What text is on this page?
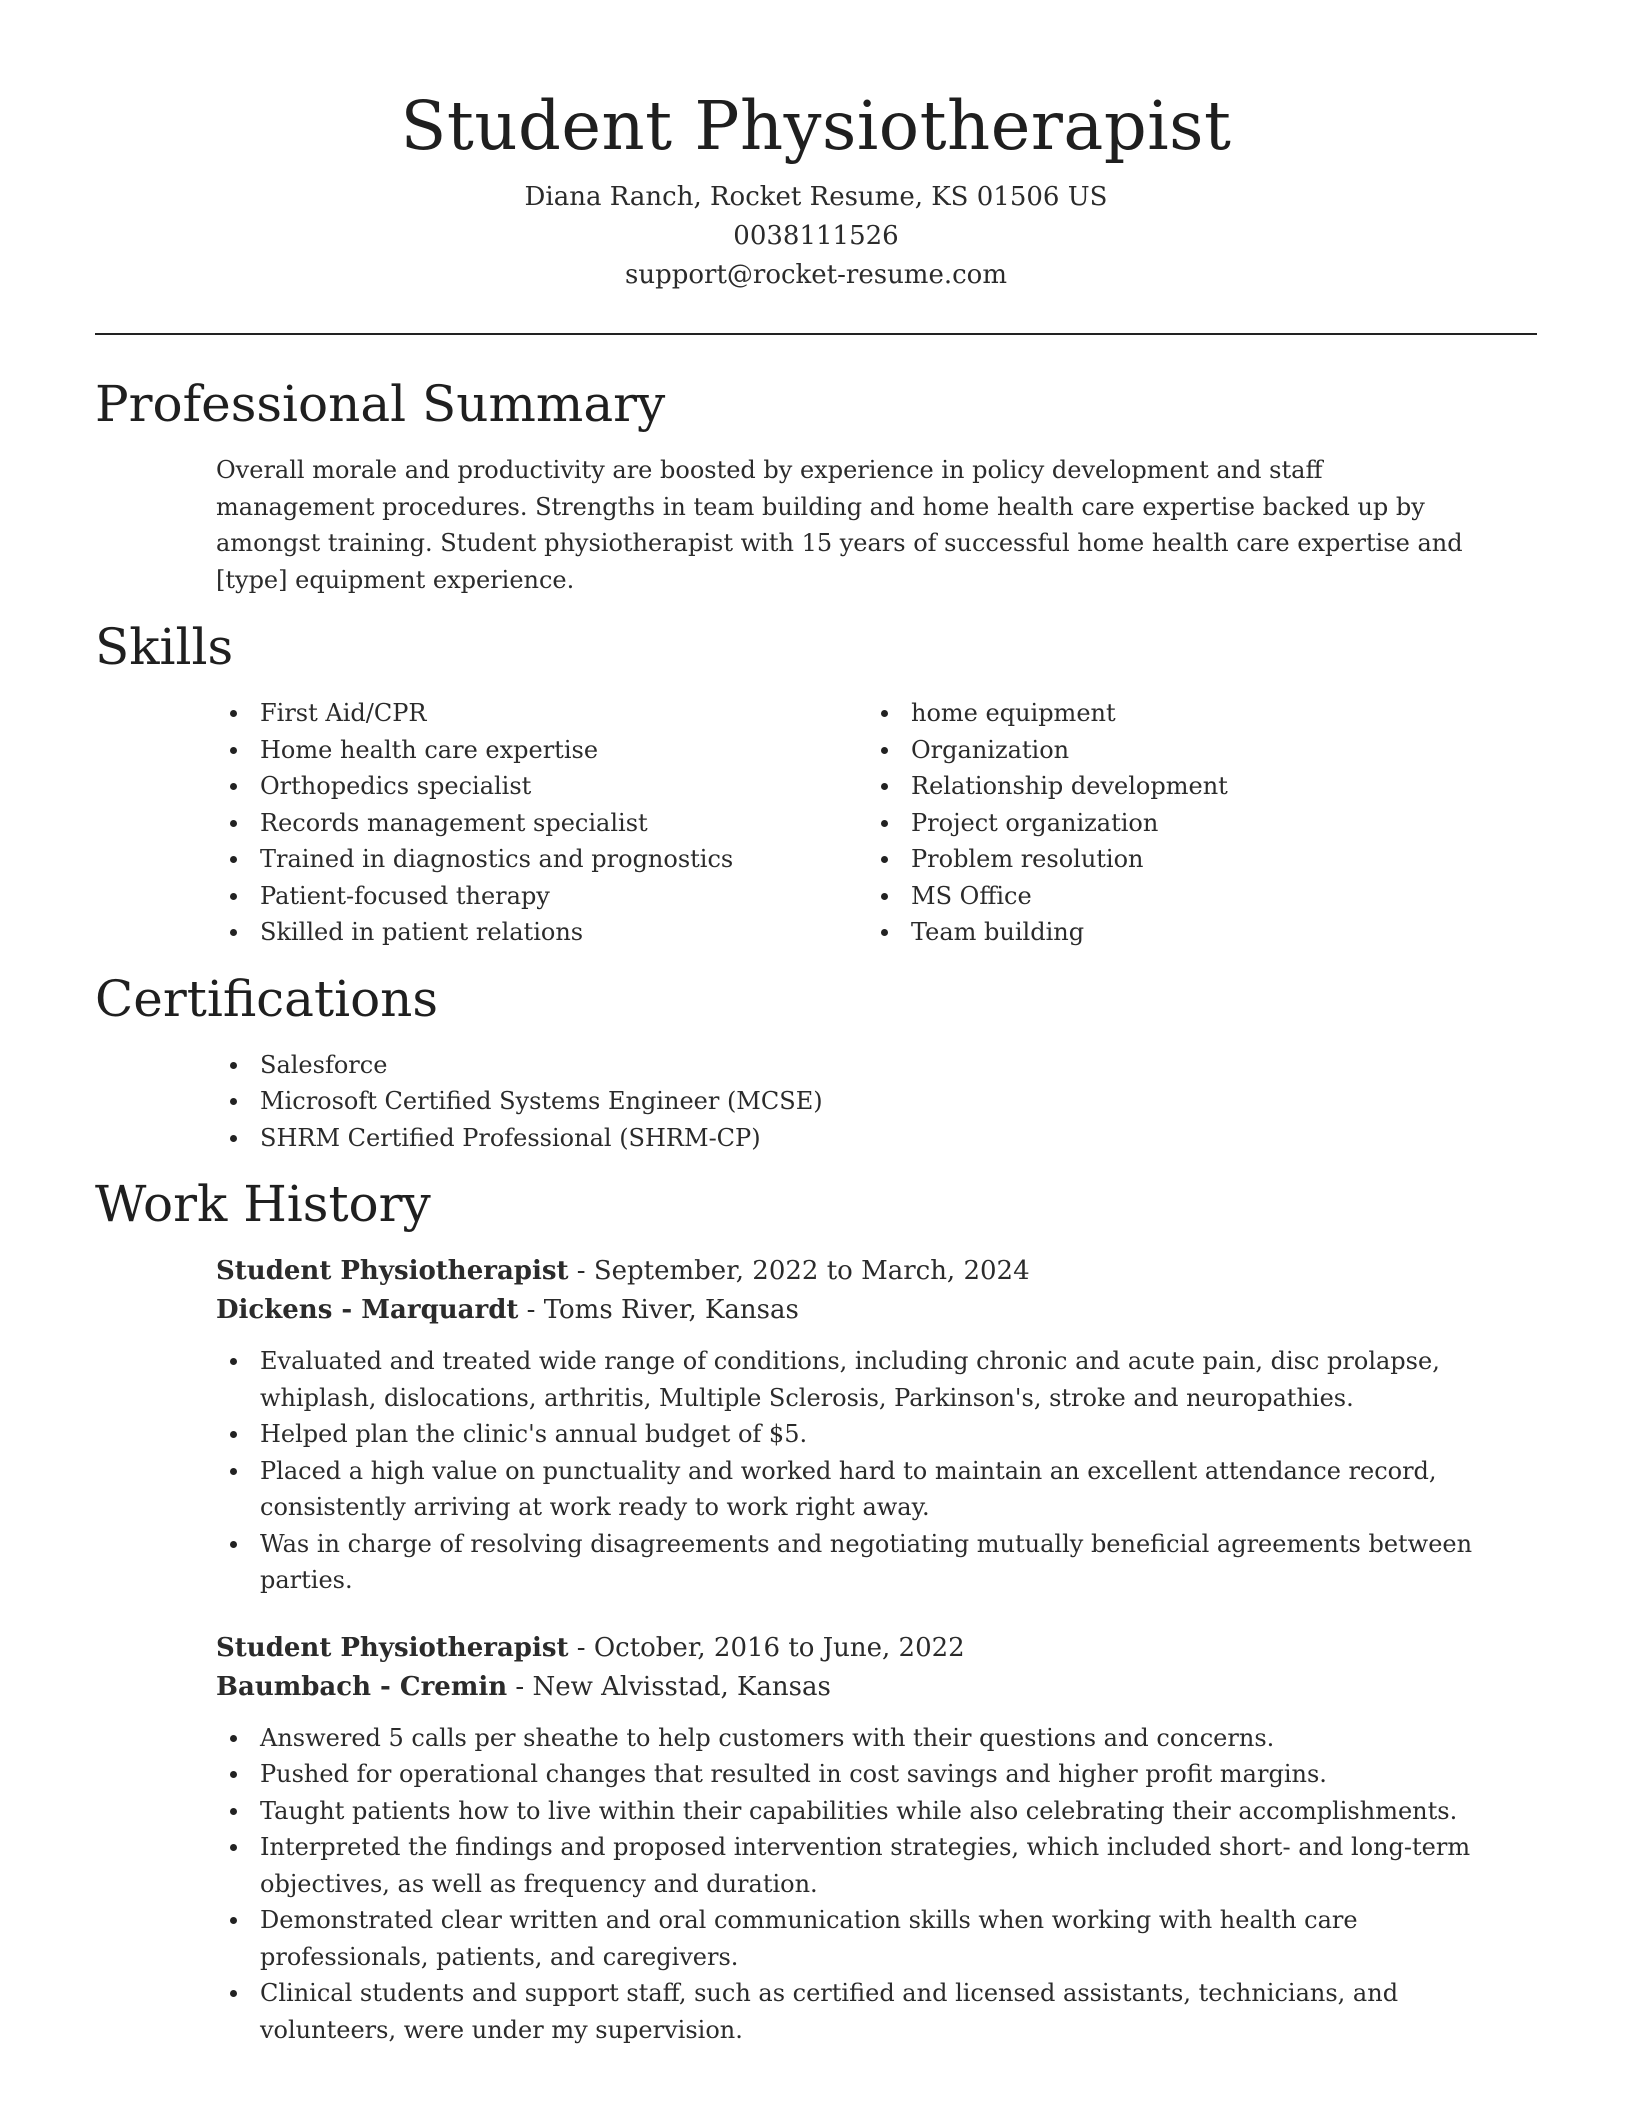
Student Physiotherapist
Diana Ranch, Rocket Resume, KS 01506 US
0038111526
support@rocket-resume.com
Professional Summary
Overall morale and productivity are boosted by experience in policy development and staff management procedures. Strengths in team building and home health care expertise backed up by amongst training. Student physiotherapist with 15 years of successful home health care expertise and [type] equipment experience.
Skills
First Aid/CPR
Home health care expertise
Orthopedics specialist
Records management specialist
Trained in diagnostics and prognostics
Patient-focused therapy
Skilled in patient relations
home equipment
Organization
Relationship development
Project organization
Problem resolution
MS Office
Team building
Certifications
Salesforce
Microsoft Certified Systems Engineer (MCSE)
SHRM Certified Professional (SHRM-CP)
Work History
Student Physiotherapist - September, 2022 to March, 2024
Dickens - Marquardt - Toms River, Kansas
Evaluated and treated wide range of conditions, including chronic and acute pain, disc prolapse, whiplash, dislocations, arthritis, Multiple Sclerosis, Parkinson's, stroke and neuropathies.
Helped plan the clinic's annual budget of $5.
Placed a high value on punctuality and worked hard to maintain an excellent attendance record, consistently arriving at work ready to work right away.
Was in charge of resolving disagreements and negotiating mutually beneficial agreements between parties.
Student Physiotherapist - October, 2016 to June, 2022
Baumbach - Cremin - New Alvisstad, Kansas
Answered 5 calls per sheathe to help customers with their questions and concerns.
Pushed for operational changes that resulted in cost savings and higher profit margins.
Taught patients how to live within their capabilities while also celebrating their accomplishments.
Interpreted the findings and proposed intervention strategies, which included short- and long-term objectives, as well as frequency and duration.
Demonstrated clear written and oral communication skills when working with health care professionals, patients, and caregivers.
Clinical students and support staff, such as certified and licensed assistants, technicians, and volunteers, were under my supervision.
